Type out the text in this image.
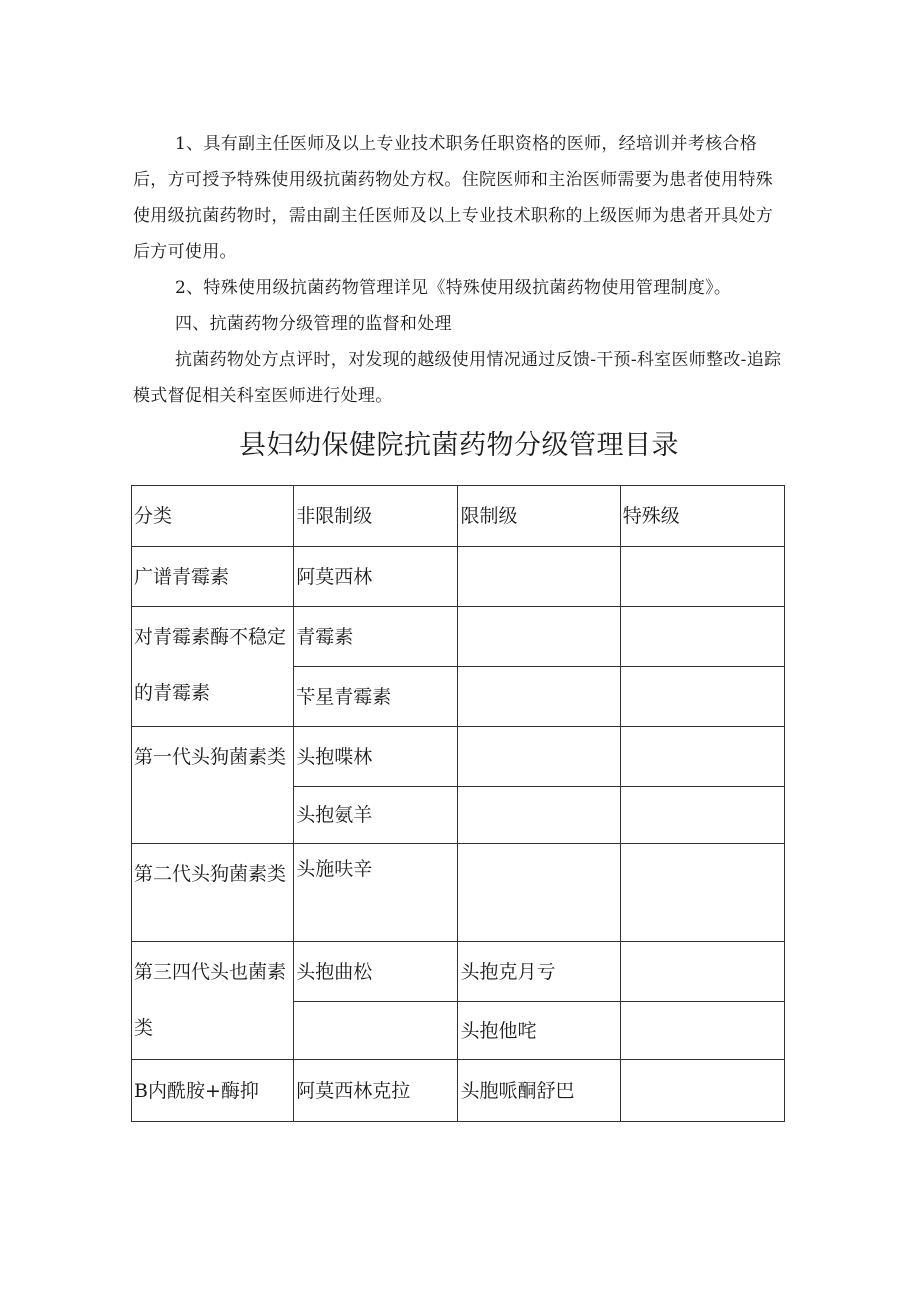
1、具有副主任医师及以上专业技术职务任职资格的医师，经培训并考核合格后，方可授予特殊使用级抗菌药物处方权。住院医师和主治医师需要为患者使用特殊使用级抗菌药物时，需由副主任医师及以上专业技术职称的上级医师为患者开具处方后方可使用。
2、特殊使用级抗菌药物管理详见《特殊使用级抗菌药物使用管理制度》。
四、抗菌药物分级管理的监督和处理
抗菌药物处方点评时，对发现的越级使用情况通过反馈-干预-科室医师整改-追踪模式督促相关科室医师进行处理。
县妇幼保健院抗菌药物分级管理目录
分类	非限制级	限制级	特殊级
广谱青霉素	阿莫西林		
对青霉素酶不稳定的青霉素	青霉素		
	苄星青霉素		
第一代头狗菌素类	头抱喋林		
	头抱氨羊		
第二代头狗菌素类	头施呋辛		
第三四代头也菌素类	头抱曲松	头抱克月亏	
		头抱他咤	
B内酰胺+酶抑	阿莫西林克拉	头胞哌酮舒巴	
